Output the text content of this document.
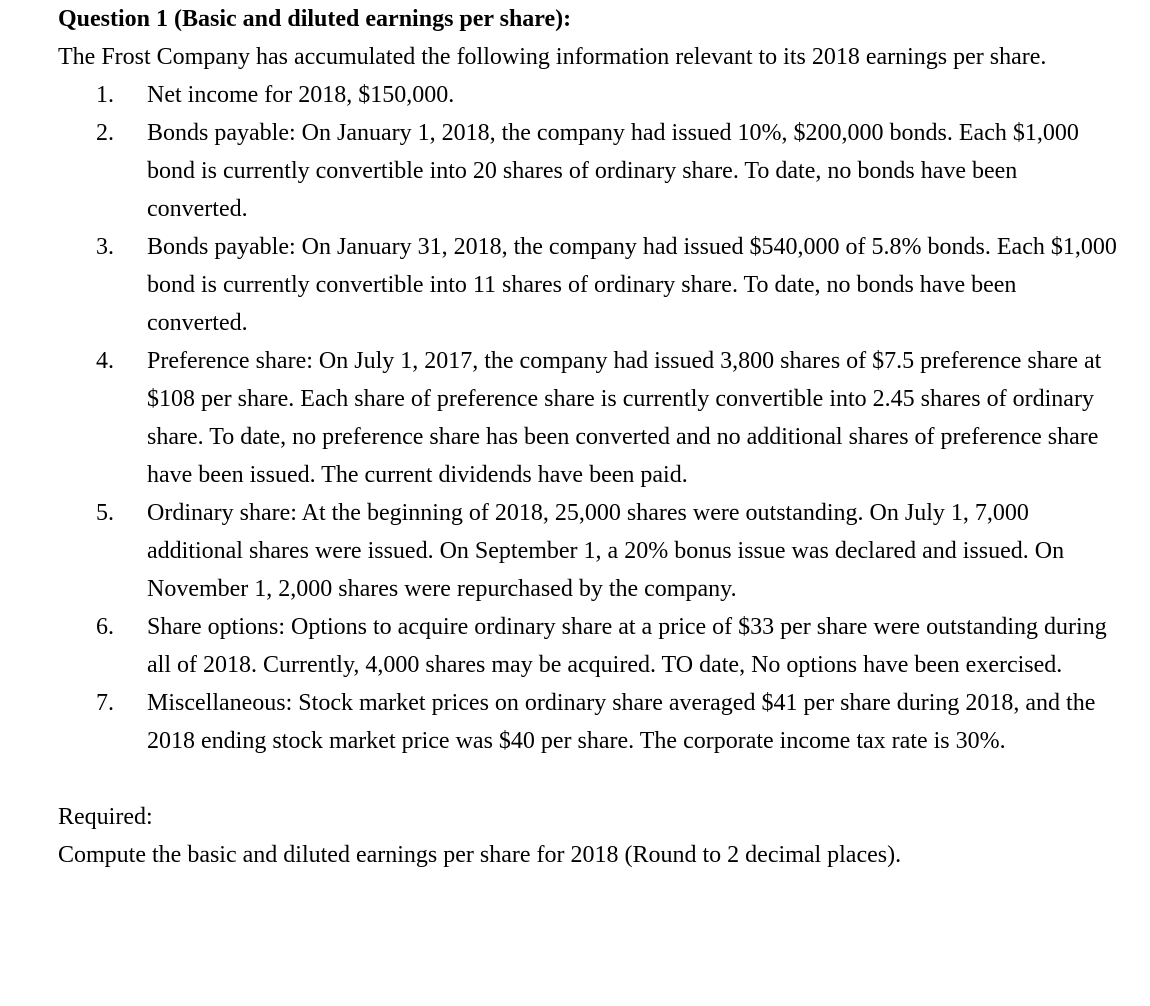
Question 1 (Basic and diluted earnings per share):

The Frost Company has accumulated the following information relevant to its 2018 earnings per share.

1.	Net income for 2018, $150,000.
2.	Bonds payable: On January 1, 2018, the company had issued 10%, $200,000 bonds. Each $1,000 bond is currently convertible into 20 shares of ordinary share. To date, no bonds have been converted.
3.	Bonds payable: On January 31, 2018, the company had issued $540,000 of 5.8% bonds. Each $1,000 bond is currently convertible into 11 shares of ordinary share. To date, no bonds have been converted.
4.	Preference share: On July 1, 2017, the company had issued 3,800 shares of $7.5 preference share at $108 per share. Each share of preference share is currently convertible into 2.45 shares of ordinary share. To date, no preference share has been converted and no additional shares of preference share have been issued. The current dividends have been paid.
5.	Ordinary share: At the beginning of 2018, 25,000 shares were outstanding. On July 1, 7,000 additional shares were issued. On September 1, a 20% bonus issue was declared and issued. On November 1, 2,000 shares were repurchased by the company.
6.	Share options: Options to acquire ordinary share at a price of $33 per share were outstanding during all of 2018. Currently, 4,000 shares may be acquired. TO date, No options have been exercised.
7.	Miscellaneous: Stock market prices on ordinary share averaged $41 per share during 2018, and the 2018 ending stock market price was $40 per share. The corporate income tax rate is 30%.

Required:

Compute the basic and diluted earnings per share for 2018 (Round to 2 decimal places).
